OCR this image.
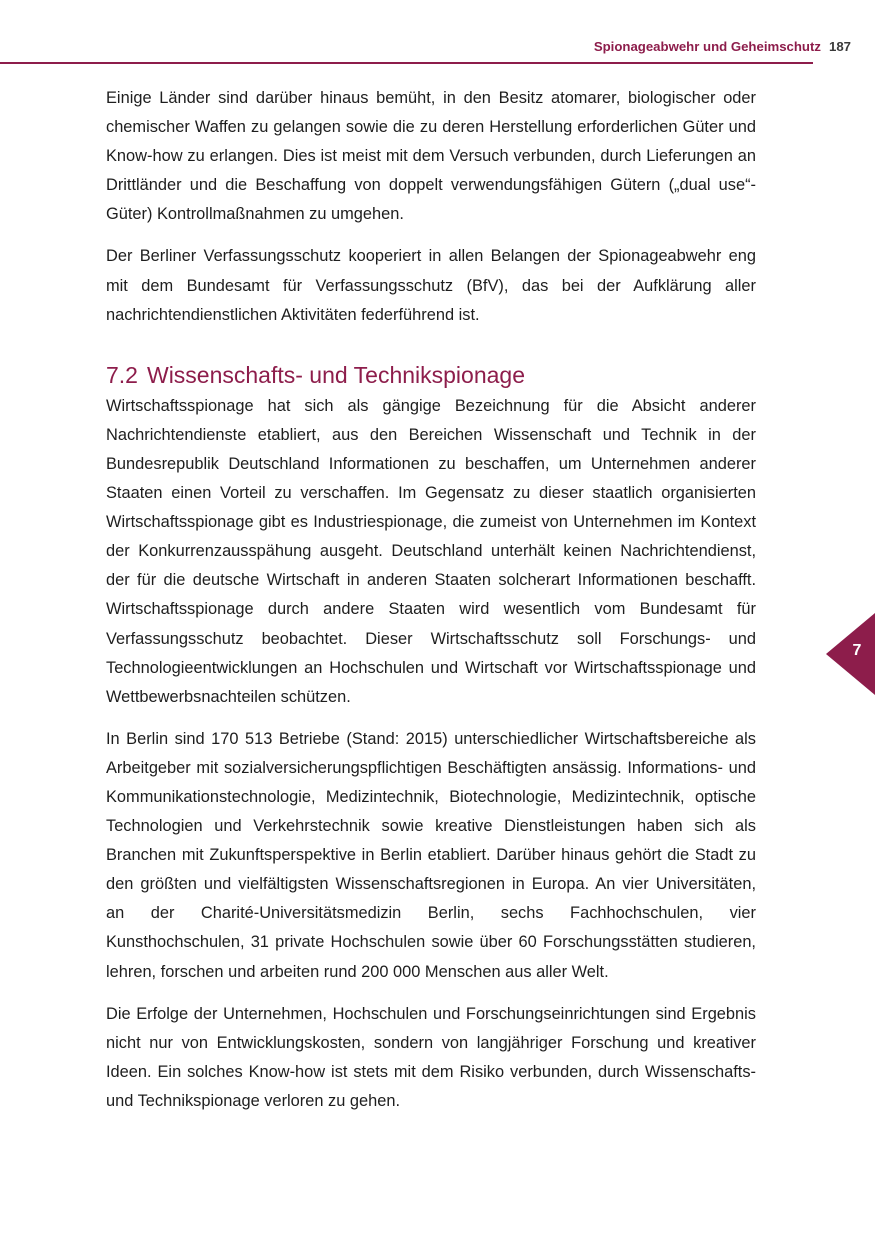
Spionageabwehr und Geheimschutz 187

Einige Länder sind darüber hinaus bemüht, in den Besitz atomarer, biologischer oder chemischer Waffen zu gelangen sowie die zu deren Herstellung erforderlichen Güter und Know-how zu erlangen. Dies ist meist mit dem Versuch verbunden, durch Lieferungen an Drittländer und die Beschaffung von doppelt verwendungsfähigen Gütern („dual use“-Güter) Kontrollmaßnahmen zu umgehen.

Der Berliner Verfassungsschutz kooperiert in allen Belangen der Spionageabwehr eng mit dem Bundesamt für Verfassungsschutz (BfV), das bei der Aufklärung aller nachrichtendienstlichen Aktivitäten federführend ist.

7.2 Wissenschafts- und Technikspionage

Wirtschaftsspionage hat sich als gängige Bezeichnung für die Absicht anderer Nachrichtendienste etabliert, aus den Bereichen Wissenschaft und Technik in der Bundesrepublik Deutschland Informationen zu beschaffen, um Unternehmen anderer Staaten einen Vorteil zu verschaffen. Im Gegensatz zu dieser staatlich organisierten Wirtschaftsspionage gibt es Industriespionage, die zumeist von Unternehmen im Kontext der Konkurrenzausspähung ausgeht. Deutschland unterhält keinen Nachrichtendienst, der für die deutsche Wirtschaft in anderen Staaten solcherart Informationen beschafft. Wirtschaftsspionage durch andere Staaten wird wesentlich vom Bundesamt für Verfassungsschutz beobachtet. Dieser Wirtschaftsschutz soll Forschungs- und Technologieentwicklungen an Hochschulen und Wirtschaft vor Wirtschaftsspionage und Wettbewerbsnachteilen schützen.

In Berlin sind 170 513 Betriebe (Stand: 2015) unterschiedlicher Wirtschaftsbereiche als Arbeitgeber mit sozialversicherungspflichtigen Beschäftigten ansässig. Informations- und Kommunikationstechnologie, Medizintechnik, Biotechnologie, Medizintechnik, optische Technologien und Verkehrstechnik sowie kreative Dienstleistungen haben sich als Branchen mit Zukunftsperspektive in Berlin etabliert. Darüber hinaus gehört die Stadt zu den größten und vielfältigsten Wissenschaftsregionen in Europa. An vier Universitäten, an der Charité-Universitätsmedizin Berlin, sechs Fachhochschulen, vier Kunsthochschulen, 31 private Hochschulen sowie über 60 Forschungsstätten studieren, lehren, forschen und arbeiten rund 200 000 Menschen aus aller Welt.

Die Erfolge der Unternehmen, Hochschulen und Forschungseinrichtungen sind Ergebnis nicht nur von Entwicklungskosten, sondern von langjähriger Forschung und kreativer Ideen. Ein solches Know-how ist stets mit dem Risiko verbunden, durch Wissenschafts- und Technikspionage verloren zu gehen.

7
